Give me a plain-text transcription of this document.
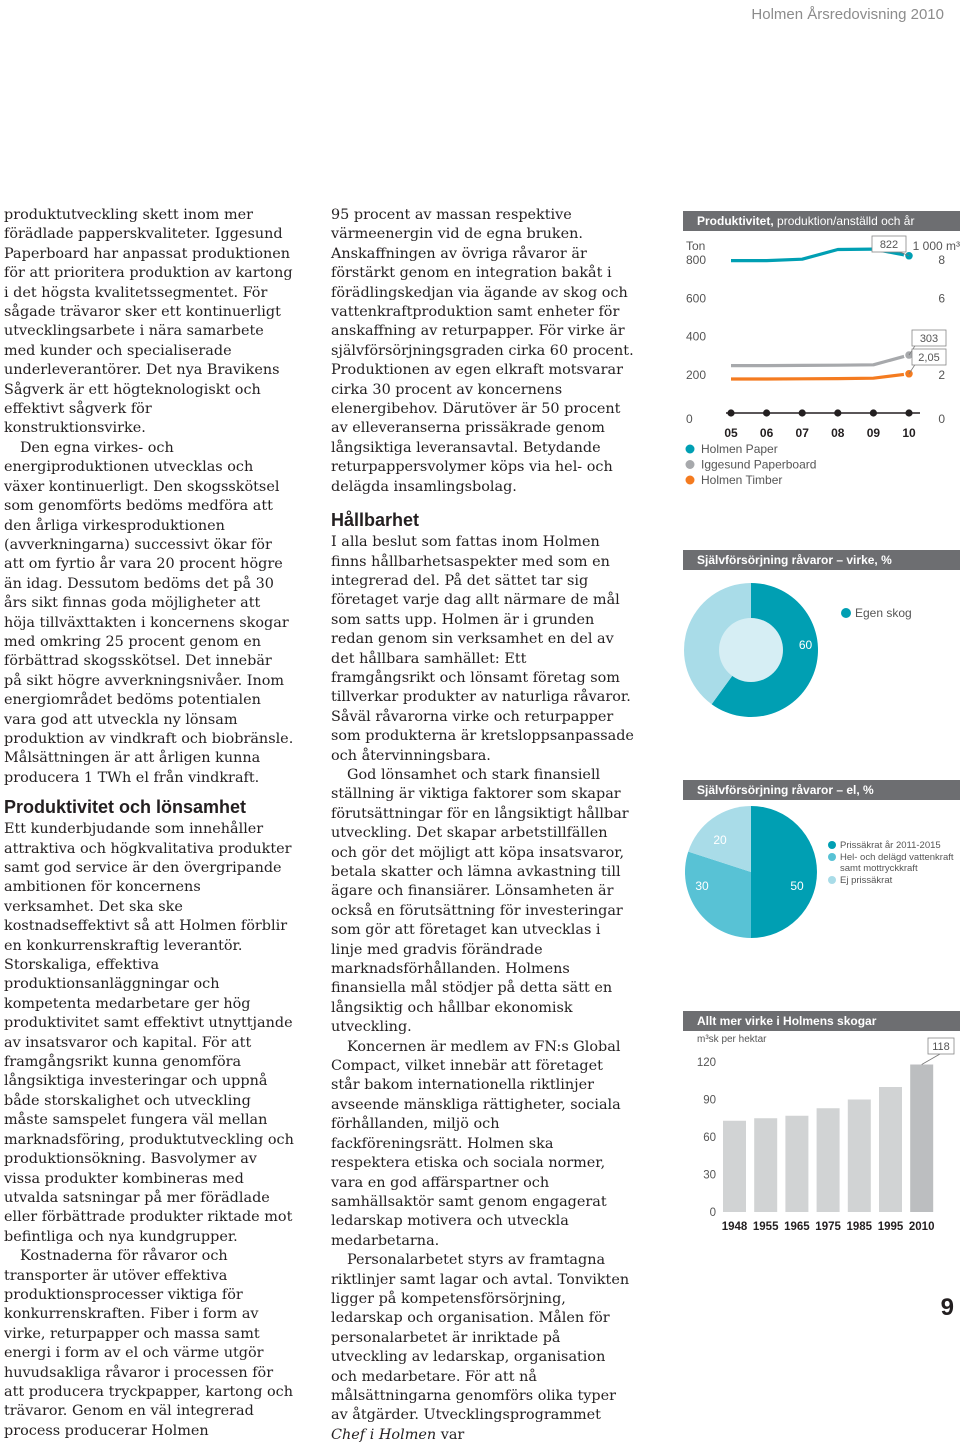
Holmen Årsredovisning 2010

produktutveckling skett inom mer förädlade papperskvaliteter. Iggesund Paperboard har anpassat produktionen för att prioritera produktion av kartong i det högsta kvalitetssegmentet. För sågade trävaror sker ett kontinuerligt utvecklingsarbete i nära samarbete med kunder och specialiserade underleverantörer. Det nya Bravikens Sågverk är ett högteknologiskt och effektivt sågverk för konstruktionsvirke.

Den egna virkes- och energiproduktionen utvecklas och växer kontinuerligt. Den skogsskötsel som genomförts bedöms medföra att den årliga virkesproduktionen (avverkningarna) successivt ökar för att om fyrtio år vara 20 procent högre än idag. Dessutom bedöms det på 30 års sikt finnas goda möjligheter att höja tillväxttakten i koncernens skogar med omkring 25 procent genom en förbättrad skogsskötsel. Det innebär på sikt högre avverkningsnivåer. Inom energiområdet bedöms potentialen vara god att utveckla ny lönsam produktion av vindkraft och biobränsle. Målsättningen är att årligen kunna producera 1 TWh el från vindkraft.

Produktivitet och lönsamhet

Ett kunderbjudande som innehåller attraktiva och högkvalitativa produkter samt god service är den övergripande ambitionen för koncernens verksamhet. Det ska ske kostnadseffektivt så att Holmen förblir en konkurrenskraftig leverantör. Storskaliga, effektiva produktionsanläggningar och kompetenta medarbetare ger hög produktivitet samt effektivt utnyttjande av insatsvaror och kapital. För att framgångsrikt kunna genomföra långsiktiga investeringar och uppnå både storskalighet och utveckling måste samspelet fungera väl mellan marknadsföring, produktutveckling och produktionsökning. Basvolymer av vissa produkter kombineras med utvalda satsningar på mer förädlade eller förbättrade produkter riktade mot befintliga och nya kundgrupper.

Kostnaderna för råvaror och transporter är utöver effektiva produktionsprocesser viktiga för konkurrenskraften. Fiber i form av virke, returpapper och massa samt energi i form av el och värme utgör huvudsakliga råvaror i processen för att producera tryckpapper, kartong och trävaror. Genom en väl integrerad process producerar Holmen

95 procent av massan respektive värmeenergin vid de egna bruken. Anskaffningen av övriga råvaror är förstärkt genom en integration bakåt i förädlingskedjan via ägande av skog och vattenkraftproduktion samt enheter för anskaffning av returpapper. För virke är självförsörjningsgraden cirka 60 procent. Produktionen av egen elkraft motsvarar cirka 30 procent av koncernens elenergibehov. Därutöver är 50 procent av elleveranserna prissäkrade genom långsiktiga leveransavtal. Betydande returpappersvolymer köps via hel- och delägda insamlingsbolag.

Hållbarhet

I alla beslut som fattas inom Holmen finns hållbarhetsaspekter med som en integrerad del. På det sättet tar sig företaget varje dag allt närmare de mål som satts upp. Holmen är i grunden redan genom sin verksamhet en del av det hållbara samhället: Ett framgångsrikt och lönsamt företag som tillverkar produkter av naturliga råvaror. Såväl råvarorna virke och returpapper som produkterna är kretsloppsanpassade och återvinningsbara.

God lönsamhet och stark finansiell ställning är viktiga faktorer som skapar förutsättningar för en långsiktigt hållbar utveckling. Det skapar arbetstillfällen och gör det möjligt att köpa insatsvaror, betala skatter och lämna avkastning till ägare och finansiärer. Lönsamheten är också en förutsättning för investeringar som gör att företaget kan utvecklas i linje med gradvis förändrade marknadsförhållanden. Holmens finansiella mål stödjer på detta sätt en långsiktig och hållbar ekonomisk utveckling.

Koncernen är medlem av FN:s Global Compact, vilket innebär att företaget står bakom internationella riktlinjer avseende mänskliga rättigheter, sociala förhållanden, miljö och fackföreningsrätt. Holmen ska respektera etiska och sociala normer, vara en god affärspartner och samhällsaktör samt genom engagerat ledarskap motivera och utveckla medarbetarna.

Personalarbetet styrs av framtagna riktlinjer samt lagar och avtal. Tonvikten ligger på kompetensförsörjning, ledarskap och organisation. Målen för personalarbetet är inriktade på utveckling av ledarskap, organisation och medarbetare. För att nå målsättningarna genomförs olika typer av åtgärder. Utvecklingsprogrammet Chef i Holmen var

Produktivitet, produktion/anställd och år
Självförsörjning råvaror – virke, %
Självförsörjning råvaror – el, %
Allt mer virke i Holmens skogar
Ton	1 000 m³
0
200
400
600
800
0
2
6
8
05 06 07 08 09 10
822
Holmen Paper
303
Iggesund Paperboard
2,05
Holmen Timber
60
Egen skog
50
30
20	Prissäkrat år 2011-2015
Hel- och delägd vattenkraft
samt mottryckkraft
Ej prissäkrat
m³sk per hektar
0
30
60
90
120
1948 1955 1965 1975 1985 1995 2010
118
9
